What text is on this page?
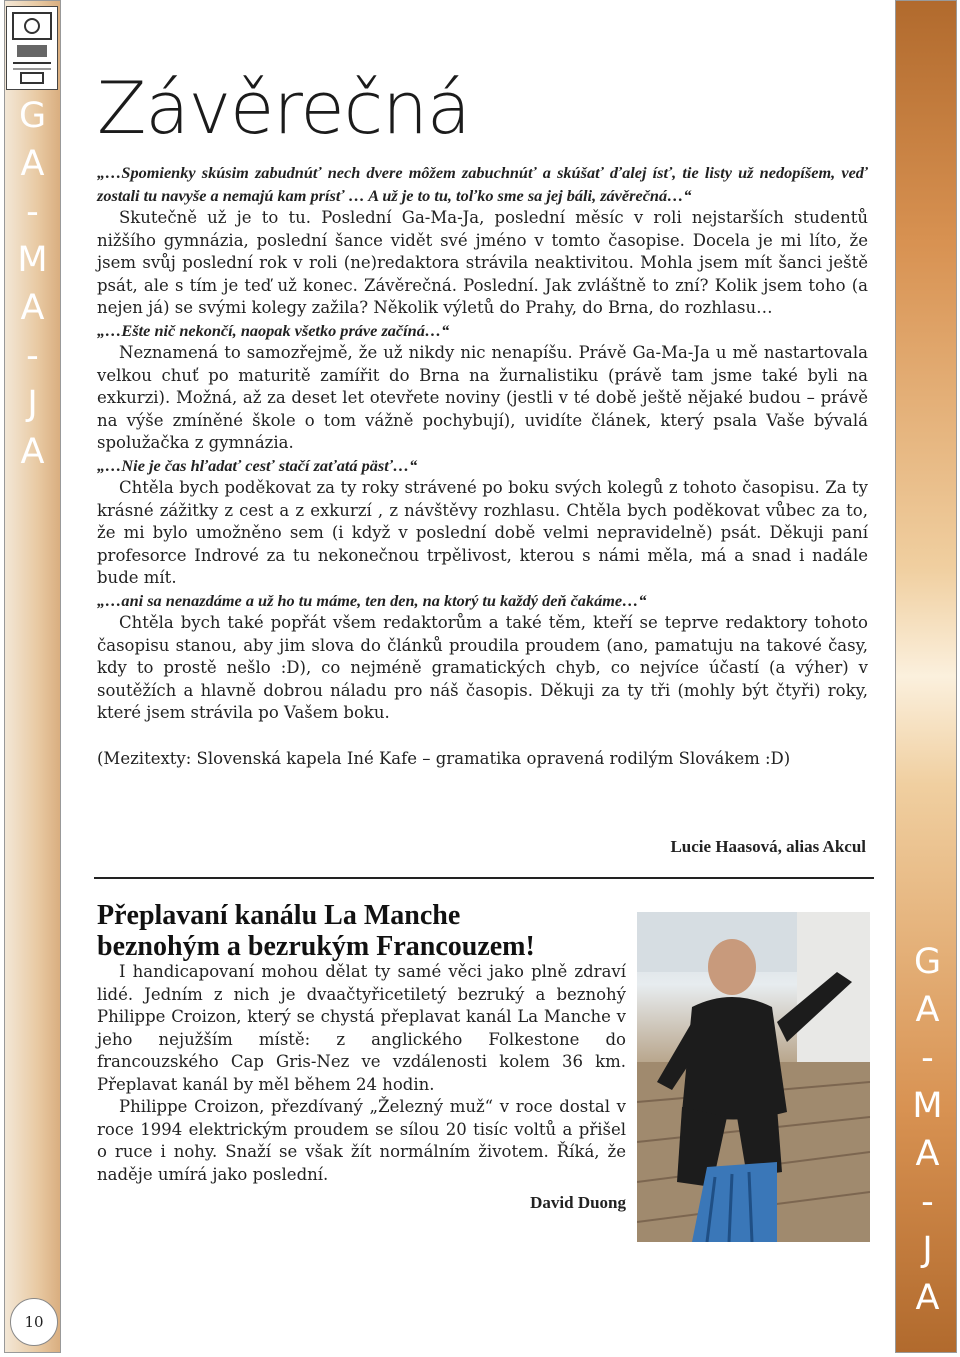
G
A
-
M
A
-
J
A
G
A
-
M
A
-
J
A
10
Závěrečná

„…Spomienky skúsim zabudnúť nech dvere môžem zabuchnúť a skúšať ďalej ísť, tie listy už nedopíšem, veď zostali tu navyše a nemajú kam prísť … A už je to tu, toľko sme sa jej báli, závěrečná…“

Skutečně už je to tu. Poslední Ga-Ma-Ja, poslední měsíc v roli nejstarších studentů nižšího gymnázia, poslední šance vidět své jméno v tomto časopise. Docela je mi líto, že jsem svůj poslední rok v roli (ne)redaktora strávila neaktivitou. Mohla jsem mít šanci ještě psát, ale s tím je teď už konec. Závěrečná. Poslední. Jak zvláštně to zní? Kolik jsem toho (a nejen já) se svými kolegy zažila? Několik výletů do Prahy, do Brna, do rozhlasu…

„…Ešte nič nekončí, naopak všetko práve začíná…“

Neznamená to samozřejmě, že už nikdy nic nenapíšu. Právě Ga-Ma-Ja u mě nastartovala velkou chuť po maturitě zamířit do Brna na žurnalistiku (právě tam jsme také byli na exkurzi). Možná, až za deset let otevřete noviny (jestli v té době ještě nějaké budou – právě na výše zmíněné škole o tom vážně pochybují), uvidíte článek, který psala Vaše bývalá spolužačka z gymnázia.

„…Nie je čas hľadať cesť stačí zaťatá päsť…“

Chtěla bych poděkovat za ty roky strávené po boku svých kolegů z tohoto časopisu. Za ty krásné zážitky z cest a z exkurzí , z návštěvy rozhlasu. Chtěla bych poděkovat vůbec za to, že mi bylo umožněno sem (i když v poslední době velmi nepravidelně) psát. Děkuji paní profesorce Indrové za tu nekonečnou trpělivost, kterou s námi měla, má a snad i nadále bude mít.

„…ani sa nenazdáme a už ho tu máme, ten den, na ktorý tu každý deň čakáme…“

Chtěla bych také popřát všem redaktorům a také těm, kteří se teprve redaktory tohoto časopisu stanou, aby jim slova do článků proudila proudem (ano, pamatuju na takové časy, kdy to prostě nešlo :D), co nejméně gramatických chyb, co nejvíce účastí (a výher) v soutěžích a hlavně dobrou náladu pro náš časopis. Děkuji za ty tři (mohly být čtyři) roky, které jsem strávila po Vašem boku.

(Mezitexty: Slovenská kapela Iné Kafe – gramatika opravená rodilým Slovákem :D)

Lucie Haasová, alias Akcul
Přeplavaní kanálu La Manche
beznohým a bezrukým Francouzem!

I handicapovaní mohou dělat ty samé věci jako plně zdraví lidé. Jedním z nich je dvaačtyřicetiletý bezruký a beznohý Philippe Croizon, který se chystá přeplavat kanál La Manche v jeho nejužším místě: z anglického Folkestone do francouzského Cap Gris-Nez ve vzdálenosti kolem 36 km. Přeplavat kanál by měl během 24 hodin.

Philippe Croizon, přezdívaný „Železný muž“ v roce dostal v roce 1994 elektrickým proudem se sílou 20 tisíc voltů a přišel o ruce i nohy. Snaží se však žít normálním životem. Říká, že naděje umírá jako poslední.

David Duong
